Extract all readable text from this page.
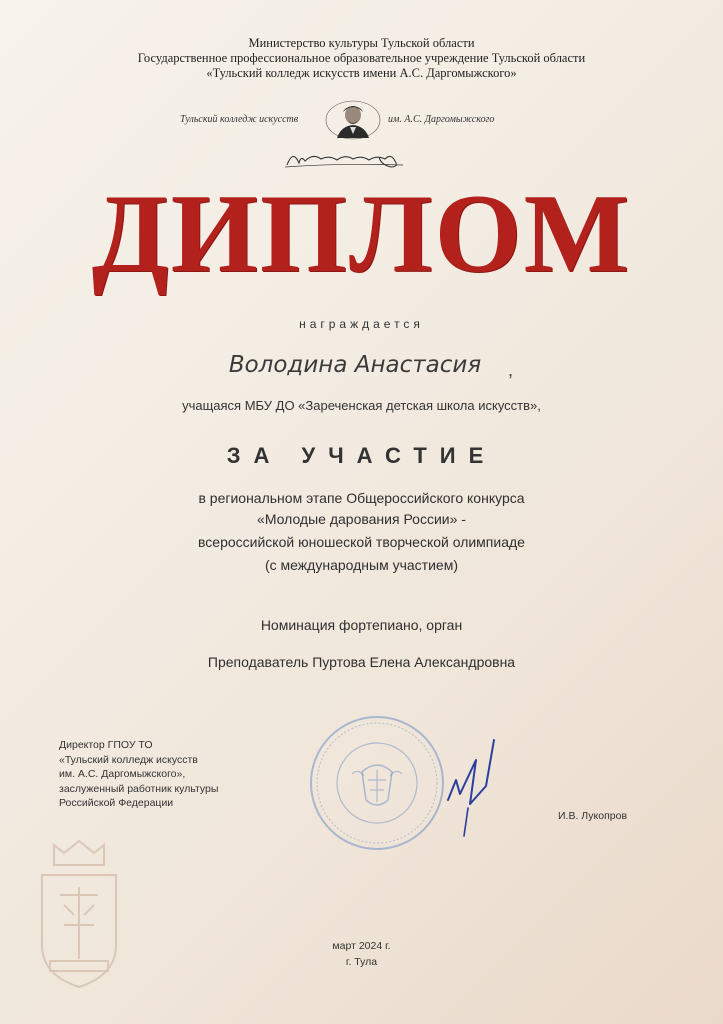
Министерство культуры Тульской области
Государственное профессиональное образовательное учреждение Тульской области
«Тульский колледж искусств имени А.С. Даргомыжского»
Тульский колледж искусств	им. А.С. Даргомыжского
ДИПЛОМ
награждается
Володина Анастасия	,
учащаяся МБУ ДО «Зареченская детская школа искусств»,
ЗА УЧАСТИЕ
в региональном этапе Общероссийского конкурса
«Молодые дарования России» -
всероссийской юношеской творческой олимпиаде
(с международным участием)
Номинация фортепиано, орган
Преподаватель Пуртова Елена Александровна
Директор ГПОУ ТО
«Тульский колледж искусств
им. А.С. Даргомыжского»,
заслуженный работник культуры
Российской Федерации
И.В. Лукопров
март 2024 г.
г. Тула
